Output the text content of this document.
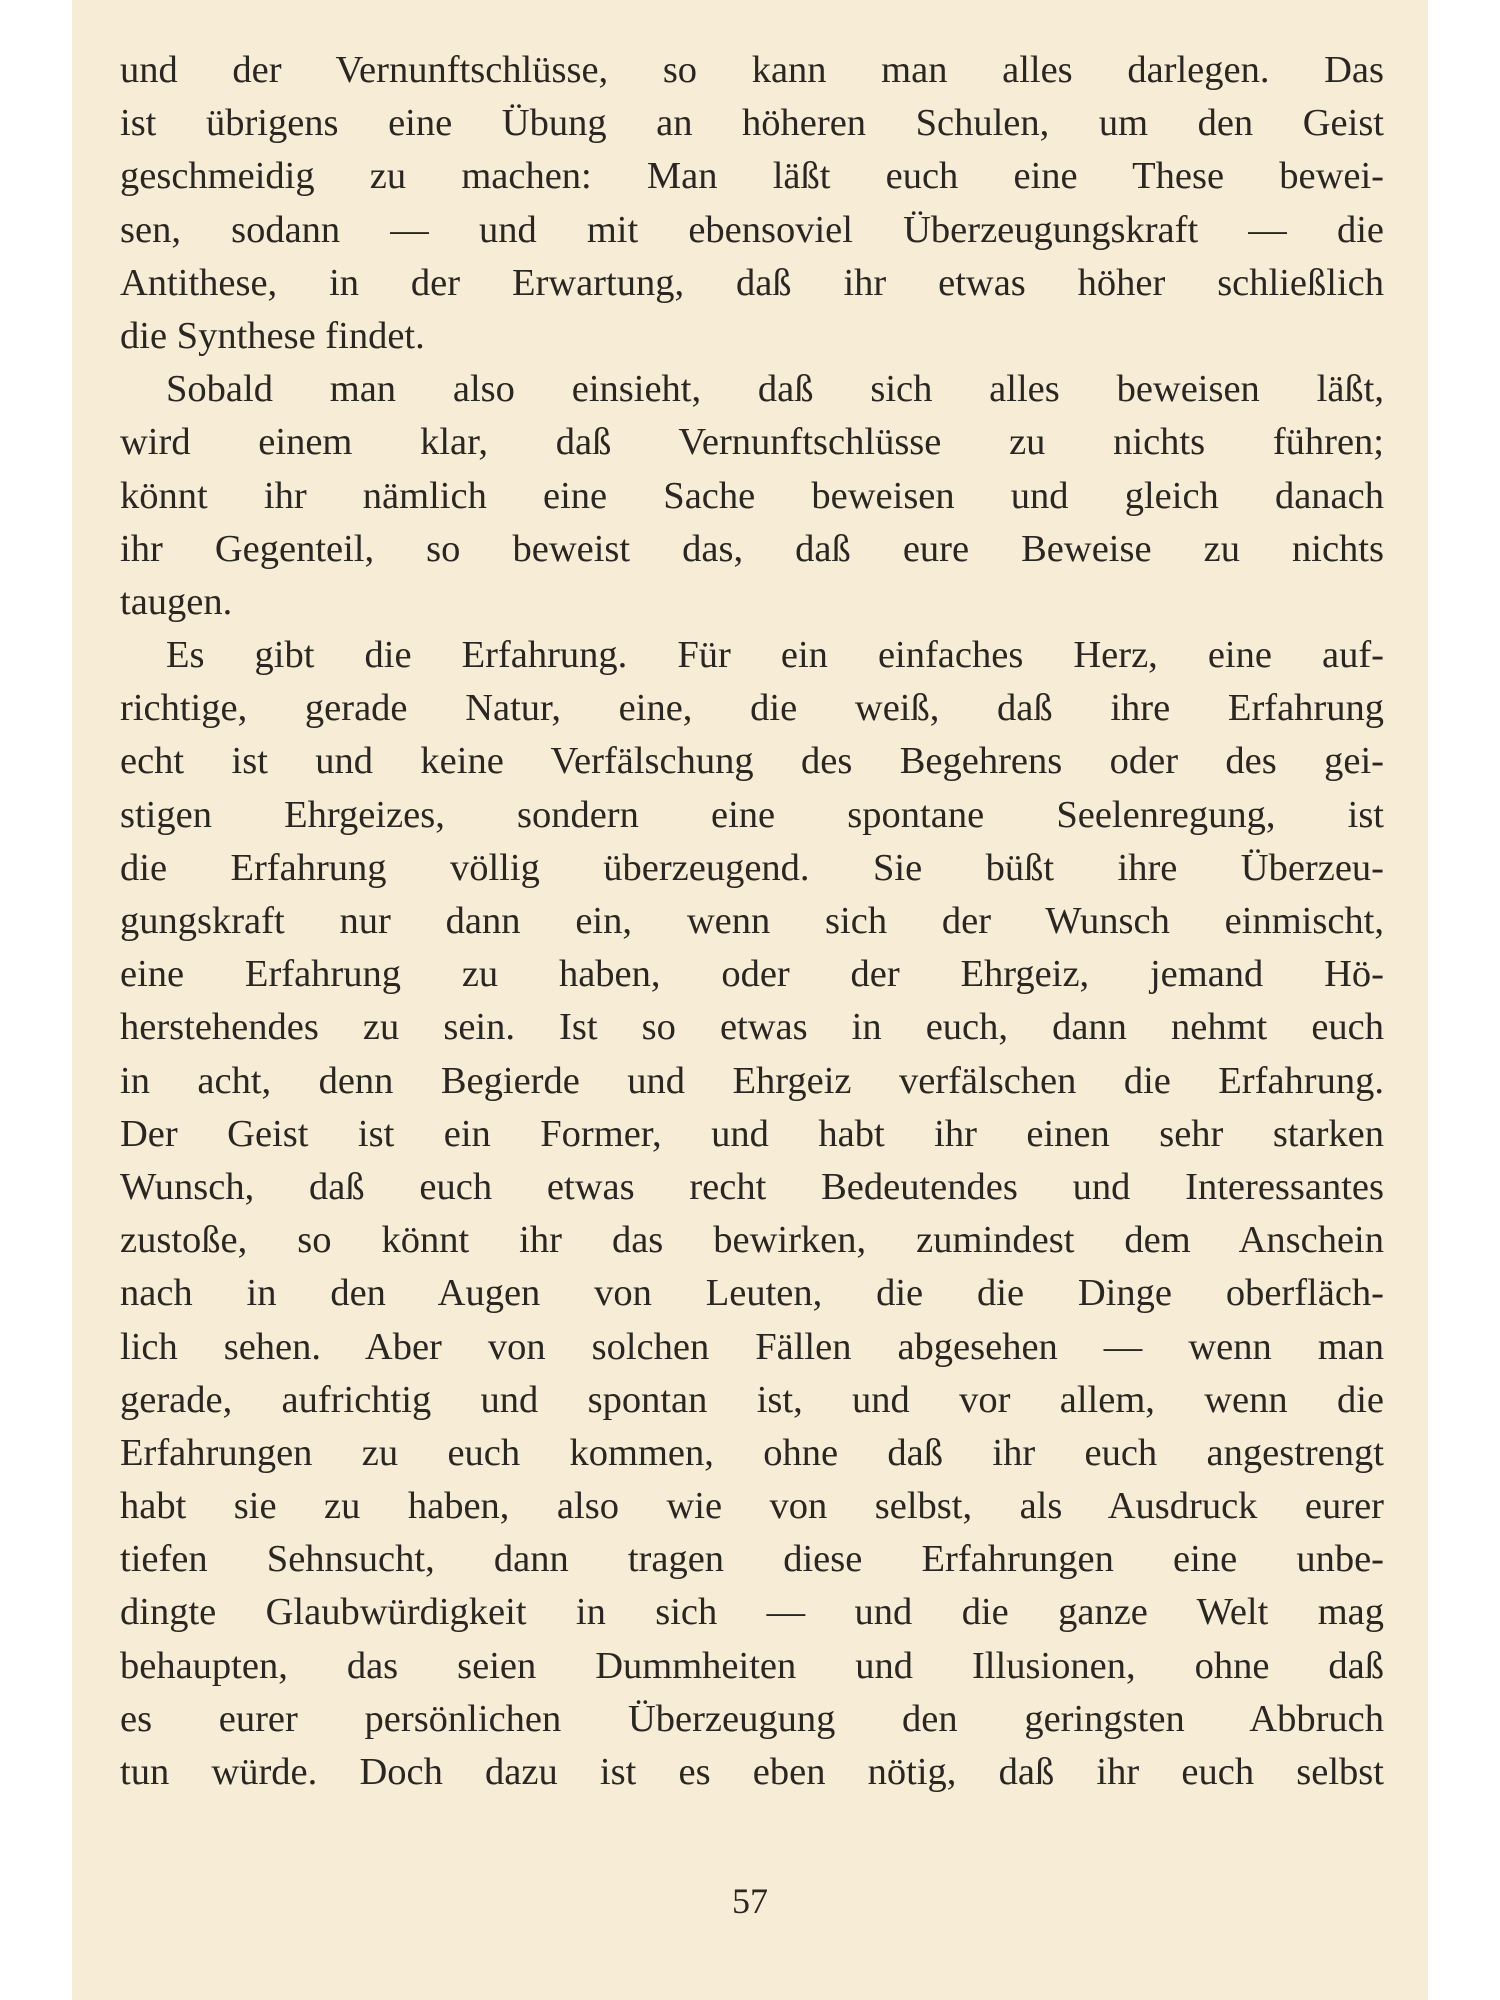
und der Vernunftschlüsse, so kann man alles darlegen. Das
ist übrigens eine Übung an höheren Schulen, um den Geist
geschmeidig zu machen: Man läßt euch eine These bewei-
sen, sodann — und mit ebensoviel Überzeugungskraft — die
Antithese, in der Erwartung, daß ihr etwas höher schließlich
die Synthese findet.
Sobald man also einsieht, daß sich alles beweisen läßt,
wird einem klar, daß Vernunftschlüsse zu nichts führen;
könnt ihr nämlich eine Sache beweisen und gleich danach
ihr Gegenteil, so beweist das, daß eure Beweise zu nichts
taugen.
Es gibt die Erfahrung. Für ein einfaches Herz, eine auf-
richtige, gerade Natur, eine, die weiß, daß ihre Erfahrung
echt ist und keine Verfälschung des Begehrens oder des gei-
stigen Ehrgeizes, sondern eine spontane Seelenregung, ist
die Erfahrung völlig überzeugend. Sie büßt ihre Überzeu-
gungskraft nur dann ein, wenn sich der Wunsch einmischt,
eine Erfahrung zu haben, oder der Ehrgeiz, jemand Hö-
herstehendes zu sein. Ist so etwas in euch, dann nehmt euch
in acht, denn Begierde und Ehrgeiz verfälschen die Erfahrung.
Der Geist ist ein Former, und habt ihr einen sehr starken
Wunsch, daß euch etwas recht Bedeutendes und Interessantes
zustoße, so könnt ihr das bewirken, zumindest dem Anschein
nach in den Augen von Leuten, die die Dinge oberfläch-
lich sehen. Aber von solchen Fällen abgesehen — wenn man
gerade, aufrichtig und spontan ist, und vor allem, wenn die
Erfahrungen zu euch kommen, ohne daß ihr euch angestrengt
habt sie zu haben, also wie von selbst, als Ausdruck eurer
tiefen Sehnsucht, dann tragen diese Erfahrungen eine unbe-
dingte Glaubwürdigkeit in sich — und die ganze Welt mag
behaupten, das seien Dummheiten und Illusionen, ohne daß
es eurer persönlichen Überzeugung den geringsten Abbruch
tun würde. Doch dazu ist es eben nötig, daß ihr euch selbst
57
